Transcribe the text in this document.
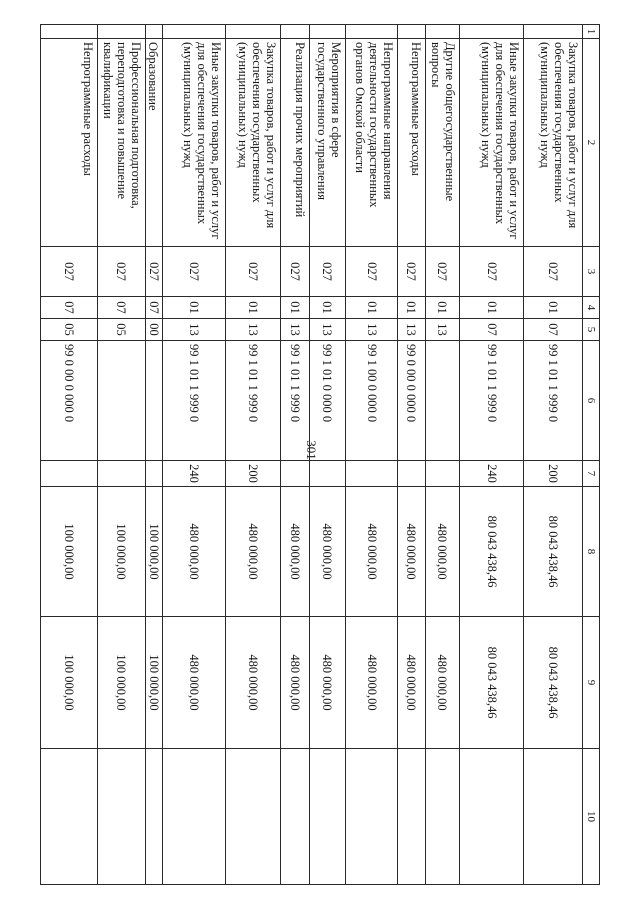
301
1	2	3	4	5	6	7	8	9	10
	Закупка товаров, работ и услуг для обеспечения государственных (муниципальных) нужд	027	01	07	99 1 01 1 999 0	200	80 043 438,46	80 043 438,46	
	Иные закупки товаров, работ и услуг для обеспечения государственных (муниципальных) нужд	027	01	07	99 1 01 1 999 0	240	80 043 438,46	80 043 438,46	
	Другие общегосударственные вопросы	027	01	13			480 000,00	480 000,00	
	Непрограммные расходы	027	01	13	99 0 00 0 000 0		480 000,00	480 000,00	
	Непрограммные направления деятельности государственных органов Омской области	027	01	13	99 1 00 0 000 0		480 000,00	480 000,00	
	Мероприятия в сфере государственного управления	027	01	13	99 1 01 0 000 0		480 000,00	480 000,00	
	Реализация прочих мероприятий	027	01	13	99 1 01 1 999 0		480 000,00	480 000,00	
	Закупка товаров, работ и услуг для обеспечения государственных (муниципальных) нужд	027	01	13	99 1 01 1 999 0	200	480 000,00	480 000,00	
	Иные закупки товаров, работ и услуг для обеспечения государственных (муниципальных) нужд	027	01	13	99 1 01 1 999 0	240	480 000,00	480 000,00	
	Образование	027	07	00			100 000,00	100 000,00	
	Профессиональная подготовка, переподготовка и повышение квалификации	027	07	05			100 000,00	100 000,00	
	Непрограммные расходы	027	07	05	99 0 00 0 000 0		100 000,00	100 000,00	
